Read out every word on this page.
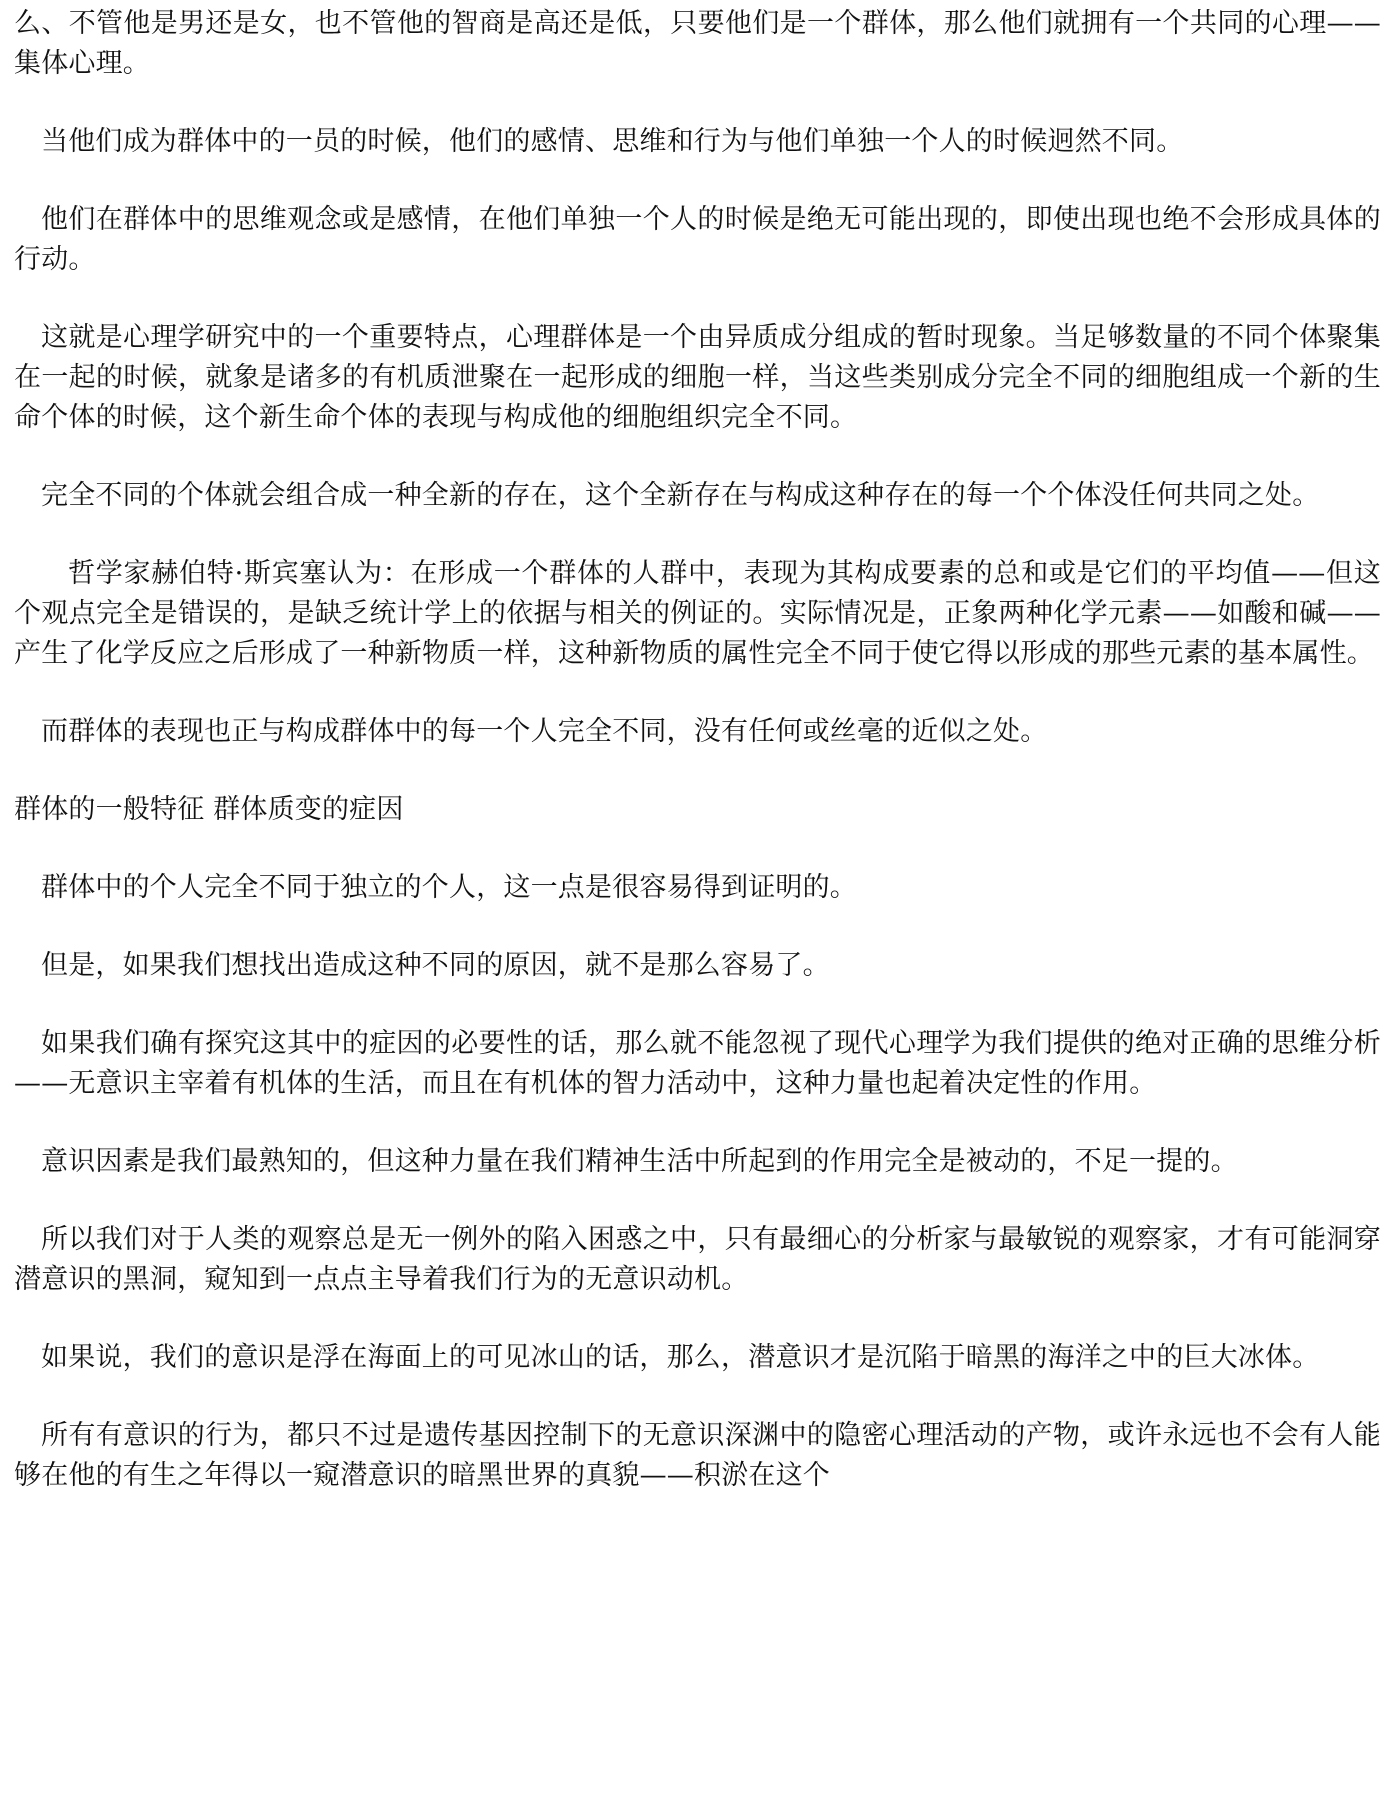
么、不管他是男还是女，也不管他的智商是高还是低，只要他们是一个群体，那么他们就拥有一个共同的心理——集体心理。

当他们成为群体中的一员的时候，他们的感情、思维和行为与他们单独一个人的时候迥然不同。

他们在群体中的思维观念或是感情，在他们单独一个人的时候是绝无可能出现的，即使出现也绝不会形成具体的行动。

这就是心理学研究中的一个重要特点，心理群体是一个由异质成分组成的暂时现象。当足够数量的不同个体聚集在一起的时候，就象是诸多的有机质泄聚在一起形成的细胞一样，当这些类别成分完全不同的细胞组成一个新的生命个体的时候，这个新生命个体的表现与构成他的细胞组织完全不同。

完全不同的个体就会组合成一种全新的存在，这个全新存在与构成这种存在的每一个个体没任何共同之处。

哲学家赫伯特·斯宾塞认为：在形成一个群体的人群中，表现为其构成要素的总和或是它们的平均值——但这个观点完全是错误的，是缺乏统计学上的依据与相关的例证的。实际情况是，正象两种化学元素——如酸和碱——产生了化学反应之后形成了一种新物质一样，这种新物质的属性完全不同于使它得以形成的那些元素的基本属性。

而群体的表现也正与构成群体中的每一个人完全不同，没有任何或丝毫的近似之处。

群体的一般特征 群体质变的症因

群体中的个人完全不同于独立的个人，这一点是很容易得到证明的。

但是，如果我们想找出造成这种不同的原因，就不是那么容易了。

如果我们确有探究这其中的症因的必要性的话，那么就不能忽视了现代心理学为我们提供的绝对正确的思维分析——无意识主宰着有机体的生活，而且在有机体的智力活动中，这种力量也起着决定性的作用。

意识因素是我们最熟知的，但这种力量在我们精神生活中所起到的作用完全是被动的，不足一提的。

所以我们对于人类的观察总是无一例外的陷入困惑之中，只有最细心的分析家与最敏锐的观察家，才有可能洞穿潜意识的黑洞，窥知到一点点主导着我们行为的无意识动机。

如果说，我们的意识是浮在海面上的可见冰山的话，那么，潜意识才是沉陷于暗黑的海洋之中的巨大冰体。

所有有意识的行为，都只不过是遗传基因控制下的无意识深渊中的隐密心理活动的产物，或许永远也不会有人能够在他的有生之年得以一窥潜意识的暗黑世界的真貌——积淤在这个
